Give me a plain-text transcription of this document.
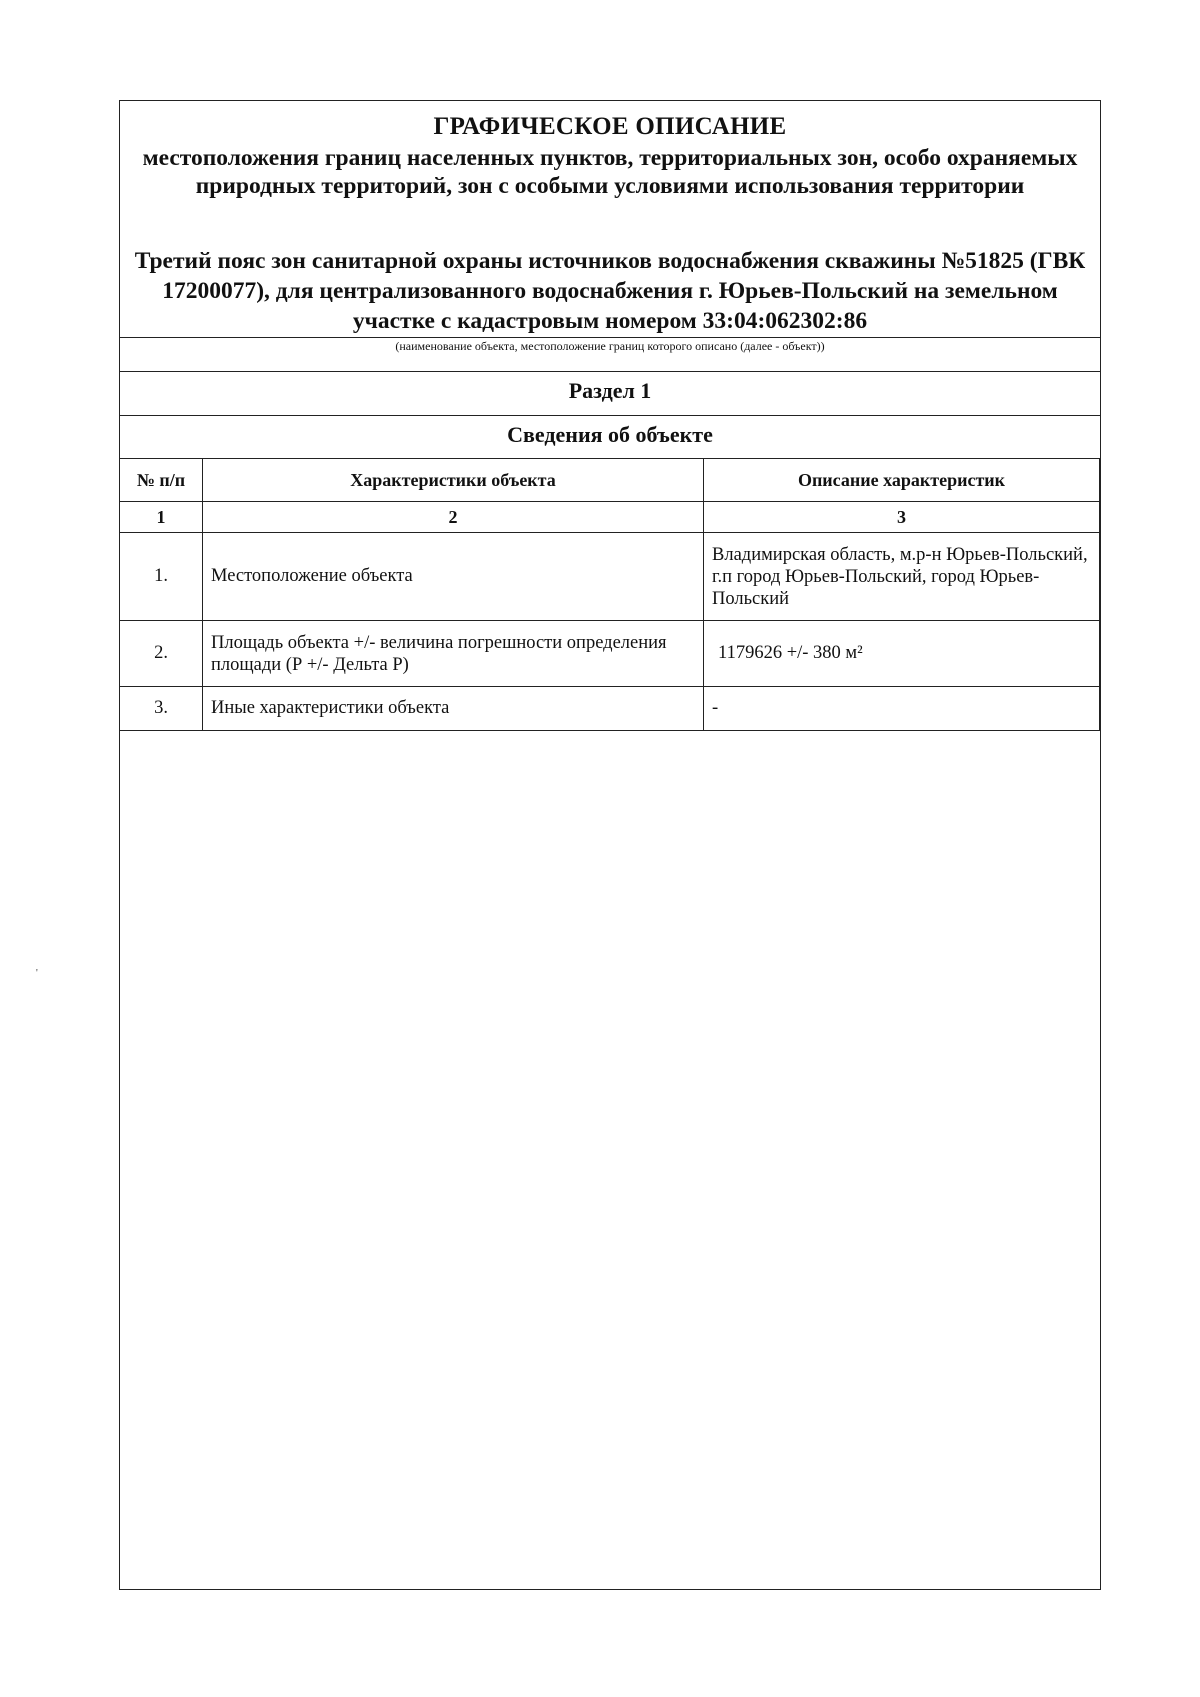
ГРАФИЧЕСКОЕ ОПИСАНИЕ
местоположения границ населенных пунктов, территориальных зон, особо охраняемых природных территорий, зон с особыми условиями использования территории
Третий пояс зон санитарной охраны источников водоснабжения скважины №51825 (ГВК 17200077), для централизованного водоснабжения г. Юрьев-Польский на земельном участке с кадастровым номером 33:04:062302:86
(наименование объекта, местоположение границ которого описано (далее - объект))
Раздел 1
Сведения об объекте
№ п/п	Характеристики объекта	Описание характеристик
1	2	3
1.	Местоположение объекта	Владимирская область, м.р-н Юрьев-Польский, г.п город Юрьев-Польский, город Юрьев-Польский
2.	Площадь объекта +/- величина погрешности определения площади (Р +/- Дельта Р)	1179626 +/- 380 м²
3.	Иные характеристики объекта	-
'
